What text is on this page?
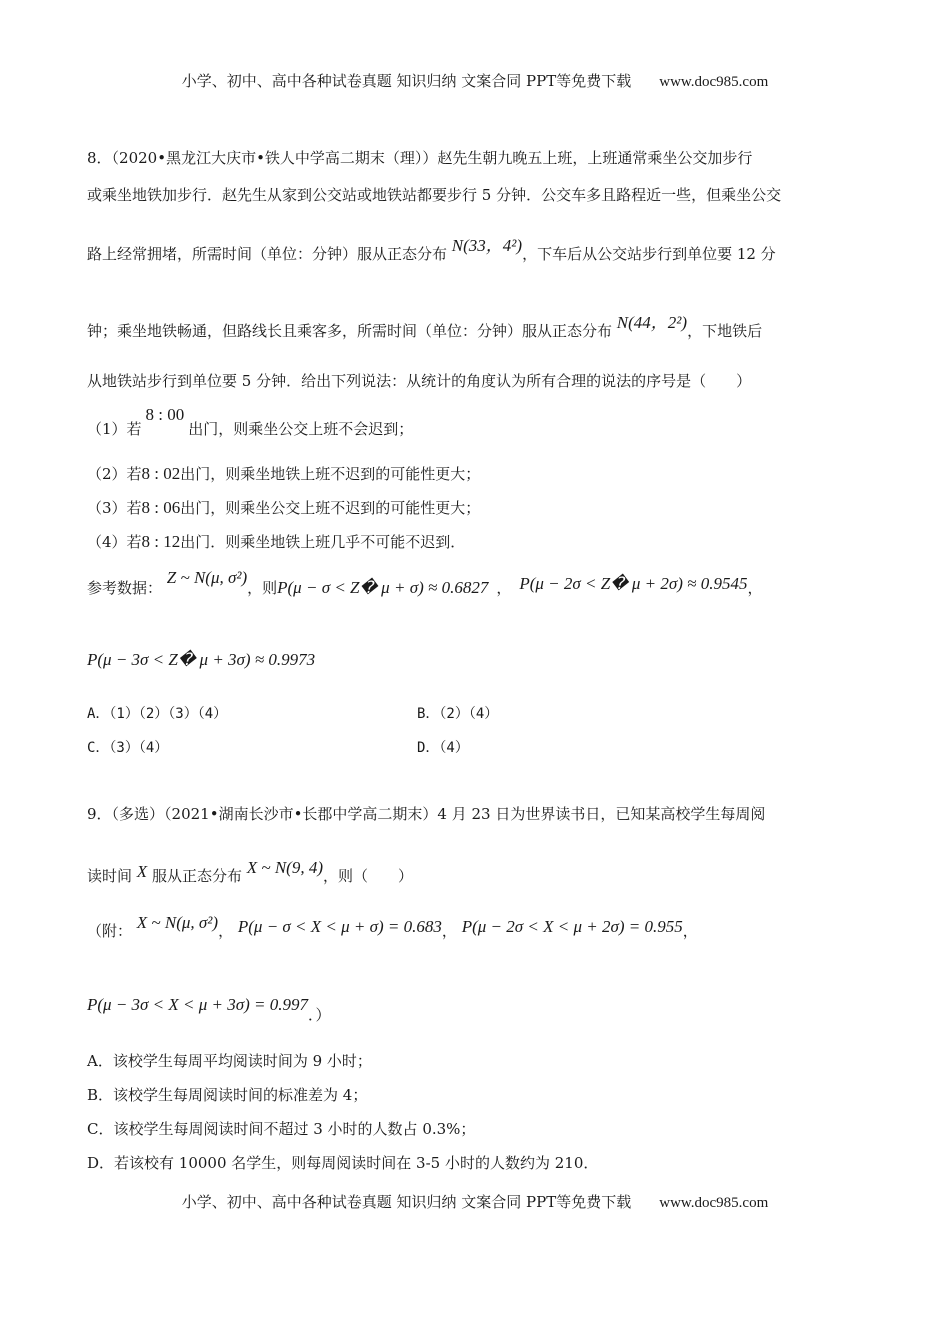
小学、初中、高中各种试卷真题 知识归纳 文案合同 PPT等免费下载 www.doc985.com
8．（2020•黑龙江大庆市•铁人中学高二期末（理））赵先生朝九晚五上班，上班通常乘坐公交加步行
或乘坐地铁加步行．赵先生从家到公交站或地铁站都要步行 5 分钟．公交车多且路程近一些，但乘坐公交
路上经常拥堵，所需时间（单位：分钟）服从正态分布 N(33，4²)，下车后从公交站步行到单位要 12 分
钟；乘坐地铁畅通，但路线长且乘客多，所需时间（单位：分钟）服从正态分布 N(44，2²)，下地铁后
从地铁站步行到单位要 5 分钟．给出下列说法：从统计的角度认为所有合理的说法的序号是（　　）
（1）若8 : 00出门，则乘坐公交上班不会迟到；
（2）若8 : 02出门，则乘坐地铁上班不迟到的可能性更大；
（3）若8 : 06出门，则乘坐公交上班不迟到的可能性更大；
（4）若8 : 12出门．则乘坐地铁上班几乎不可能不迟到．
参考数据： Z ~ N(μ, σ²)，则P(μ − σ < Z� μ + σ) ≈ 0.6827 ， P(μ − 2σ < Z� μ + 2σ) ≈ 0.9545，
P(μ − 3σ < Z� μ + 3σ) ≈ 0.9973
A．（1）（2）（3）（4）	B．（2）（4）
C．（3）（4）	D．（4）
9．（多选）（2021•湖南长沙市•长郡中学高二期末）4 月 23 日为世界读书日，已知某高校学生每周阅
读时间 X 服从正态分布 X ~ N(9, 4)，则（　　）
（附： X ~ N(μ, σ²)， P(μ − σ < X < μ + σ) = 0.683， P(μ − 2σ < X < μ + 2σ) = 0.955，
P(μ − 3σ < X < μ + 3σ) = 0.997．）
A．该校学生每周平均阅读时间为 9 小时；
B．该校学生每周阅读时间的标准差为 4；
C．该校学生每周阅读时间不超过 3 小时的人数占 0.3%；
D．若该校有 10000 名学生，则每周阅读时间在 3-5 小时的人数约为 210．
小学、初中、高中各种试卷真题 知识归纳 文案合同 PPT等免费下载 www.doc985.com
